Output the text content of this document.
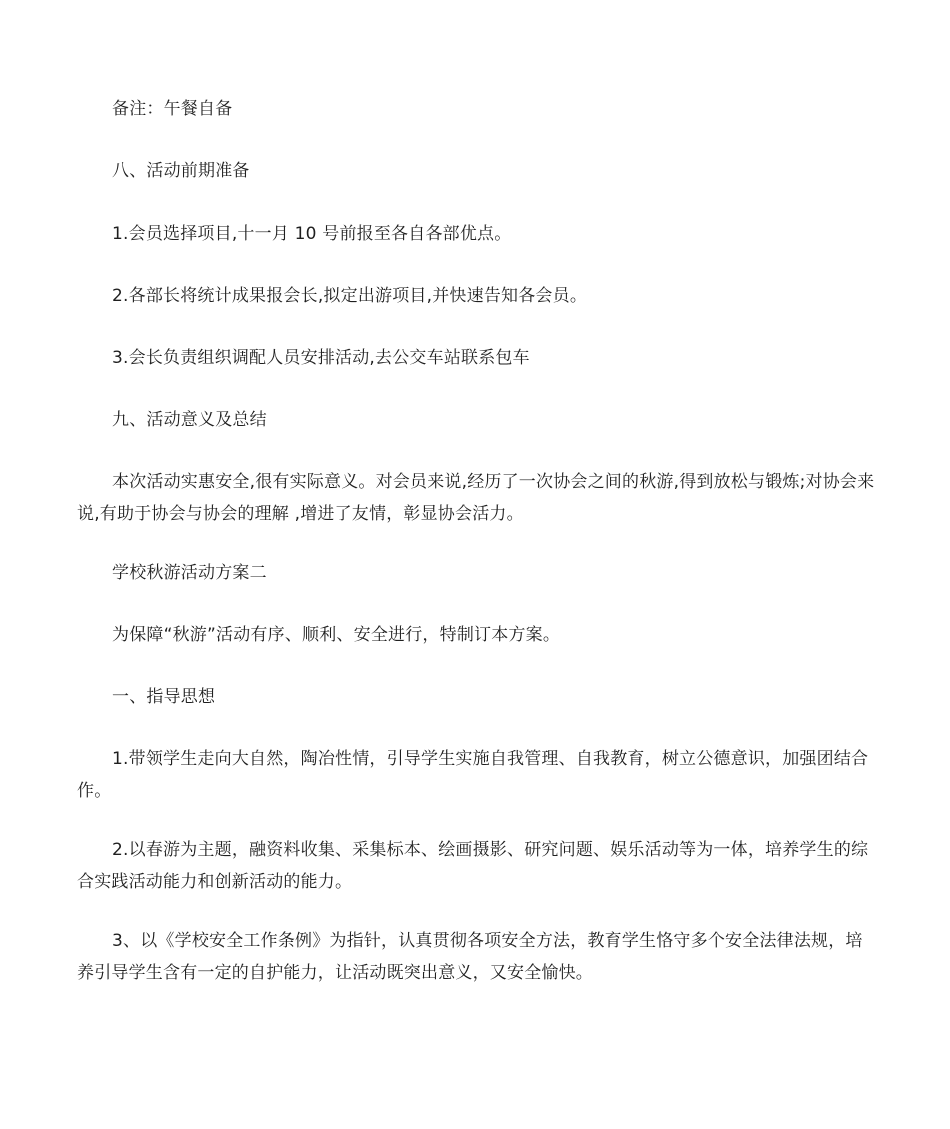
备注：午餐自备

八、活动前期准备

1.会员选择项目,十一月 10 号前报至各自各部优点。

2.各部长将统计成果报会长,拟定出游项目,并快速告知各会员。

3.会长负责组织调配人员安排活动,去公交车站联系包车

九、活动意义及总结

本次活动实惠安全,很有实际意义。对会员来说,经历了一次协会之间的秋游,得到放松与锻炼;对协会来说,有助于协会与协会的理解 ,增进了友情，彰显协会活力。

学校秋游活动方案二

为保障“秋游”活动有序、顺利、安全进行，特制订本方案。

一、指导思想

1.带领学生走向大自然，陶冶性情，引导学生实施自我管理、自我教育，树立公德意识，加强团结合作。

2.以春游为主题，融资料收集、采集标本、绘画摄影、研究问题、娱乐活动等为一体，培养学生的综合实践活动能力和创新活动的能力。

3、以《学校安全工作条例》为指针，认真贯彻各项安全方法，教育学生恪守多个安全法律法规，培养引导学生含有一定的自护能力，让活动既突出意义，又安全愉快。
